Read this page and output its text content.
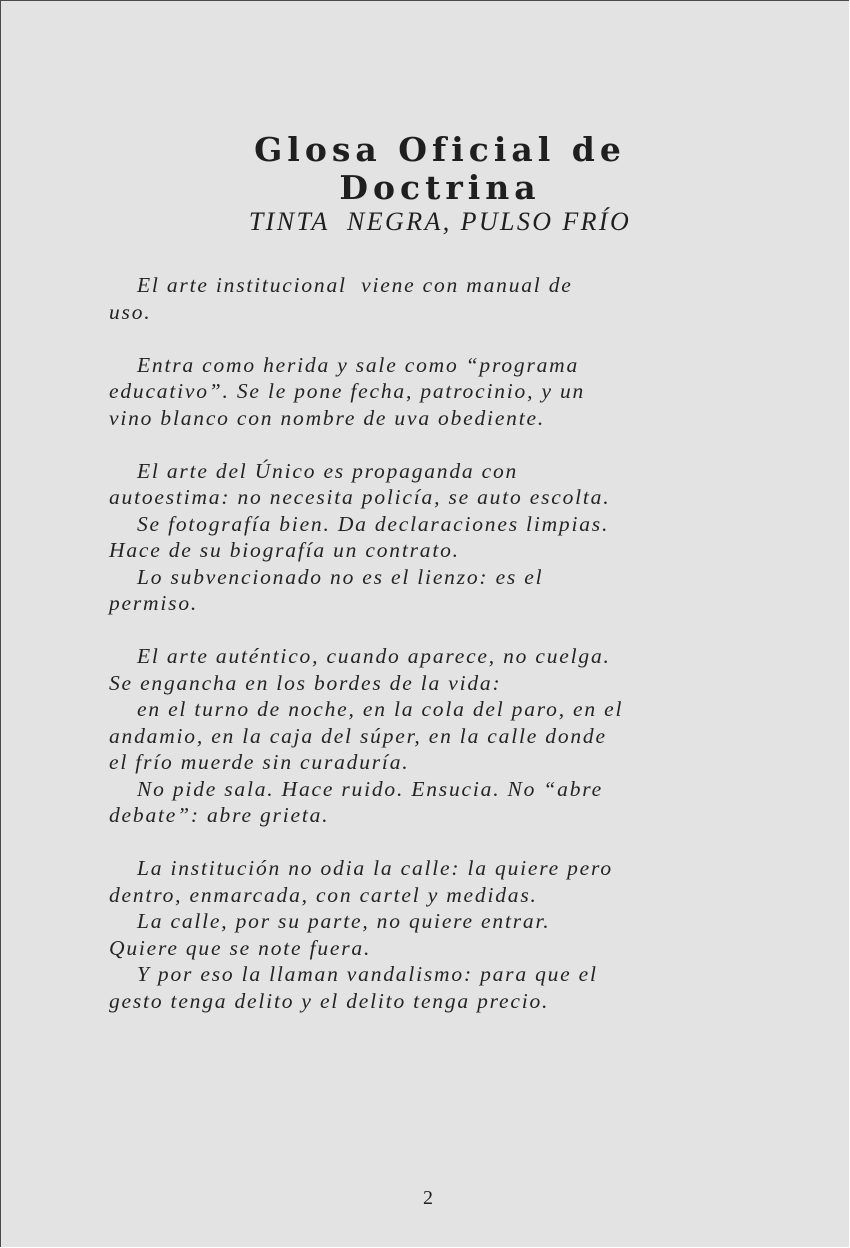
Glosa Oficial de Doctrina

TINTA  NEGRA, PULSO FRÍO

El arte institucional  viene con manual de
uso.
Entra como herida y sale como “programa
educativo”. Se le pone fecha, patrocinio, y un
vino blanco con nombre de uva obediente.
El arte del Único es propaganda con
autoestima: no necesita policía, se auto escolta.
Se fotografía bien. Da declaraciones limpias.
Hace de su biografía un contrato.
Lo subvencionado no es el lienzo: es el
permiso.
El arte auténtico, cuando aparece, no cuelga.
Se engancha en los bordes de la vida:
en el turno de noche, en la cola del paro, en el
andamio, en la caja del súper, en la calle donde
el frío muerde sin curaduría.
No pide sala. Hace ruido. Ensucia. No “abre
debate”: abre grieta.
La institución no odia la calle: la quiere pero
dentro, enmarcada, con cartel y medidas.
La calle, por su parte, no quiere entrar.
Quiere que se note fuera.
Y por eso la llaman vandalismo: para que el
gesto tenga delito y el delito tenga precio.
2
